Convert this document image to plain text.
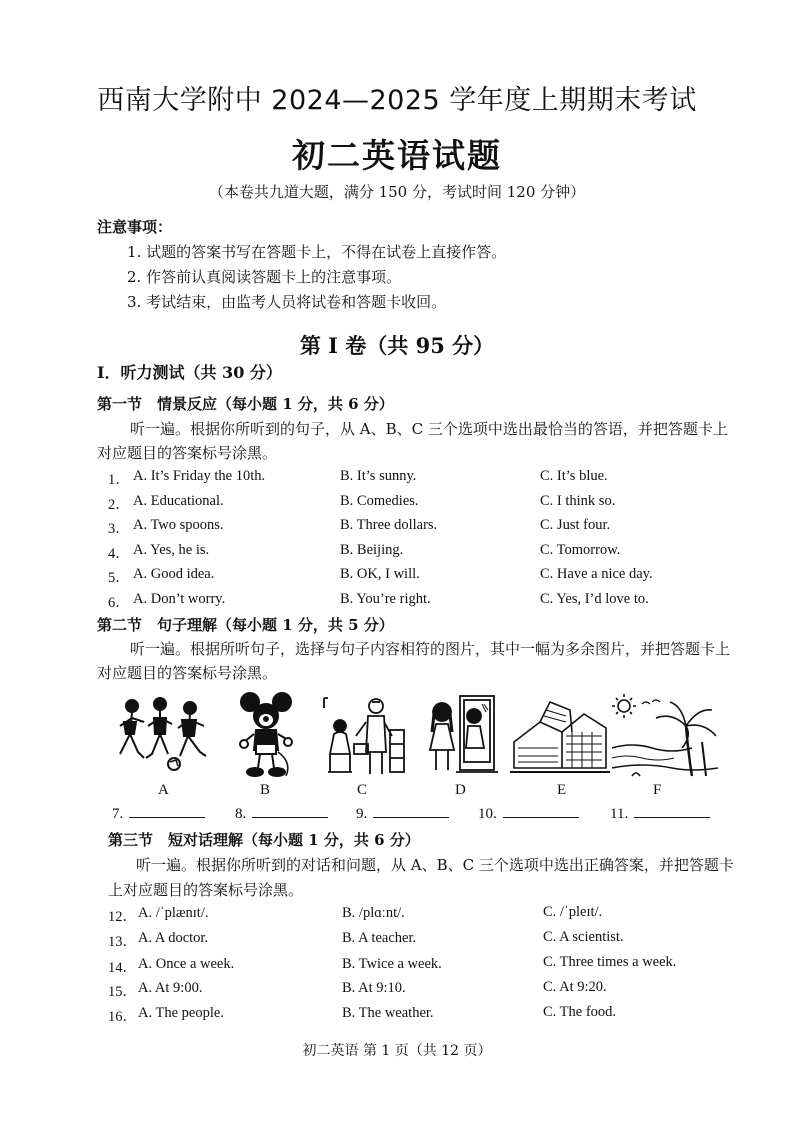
西南大学附中 2024—2025 学年度上期期末考试
初二英语试题
（本卷共九道大题，满分 150 分，考试时间 120 分钟）
注意事项：
1. 试题的答案书写在答题卡上，不得在试卷上直接作答。
2. 作答前认真阅读答题卡上的注意事项。
3. 考试结束，由监考人员将试卷和答题卡收回。
第 I 卷（共 95 分）
I．听力测试（共 30 分）
第一节　情景反应（每小题 1 分，共 6 分）
听一遍。根据你所听到的句子，从 A、B、C 三个选项中选出最恰当的答语，并把答题卡上
对应题目的答案标号涂黑。
1． A. It’s Friday the 10th.	B. It’s sunny.	C. It’s blue.
2． A. Educational.	B. Comedies.	C. I think so.
3． A. Two spoons.	B. Three dollars.	C. Just four.
4． A. Yes, he is.	B. Beijing.	C. Tomorrow.
5． A. Good idea.	B. OK, I will.	C. Have a nice day.
6． A. Don’t worry.	B. You’re right.	C. Yes, I’d love to.
第二节　句子理解（每小题 1 分，共 5 分）
听一遍。根据所听句子，选择与句子内容相符的图片，其中一幅为多余图片，并把答题卡上
对应题目的答案标号涂黑。
A	B	C	D	E	F
7.	8.	9.	10.	11.
第三节　短对话理解（每小题 1 分，共 6 分）
听一遍。根据你所听到的对话和问题，从 A、B、C 三个选项中选出正确答案，并把答题卡
上对应题目的答案标号涂黑。
12． A. /ˈplænɪt/.	B. /plɑːnt/.	C. /ˈpleɪt/.
13． A. A doctor.	B. A teacher.	C. A scientist.
14． A. Once a week.	B. Twice a week.	C. Three times a week.
15． A. At 9:00.	B. At 9:10.	C. At 9:20.
16． A. The people.	B. The weather.	C. The food.
初二英语 第 1 页（共 12 页）
